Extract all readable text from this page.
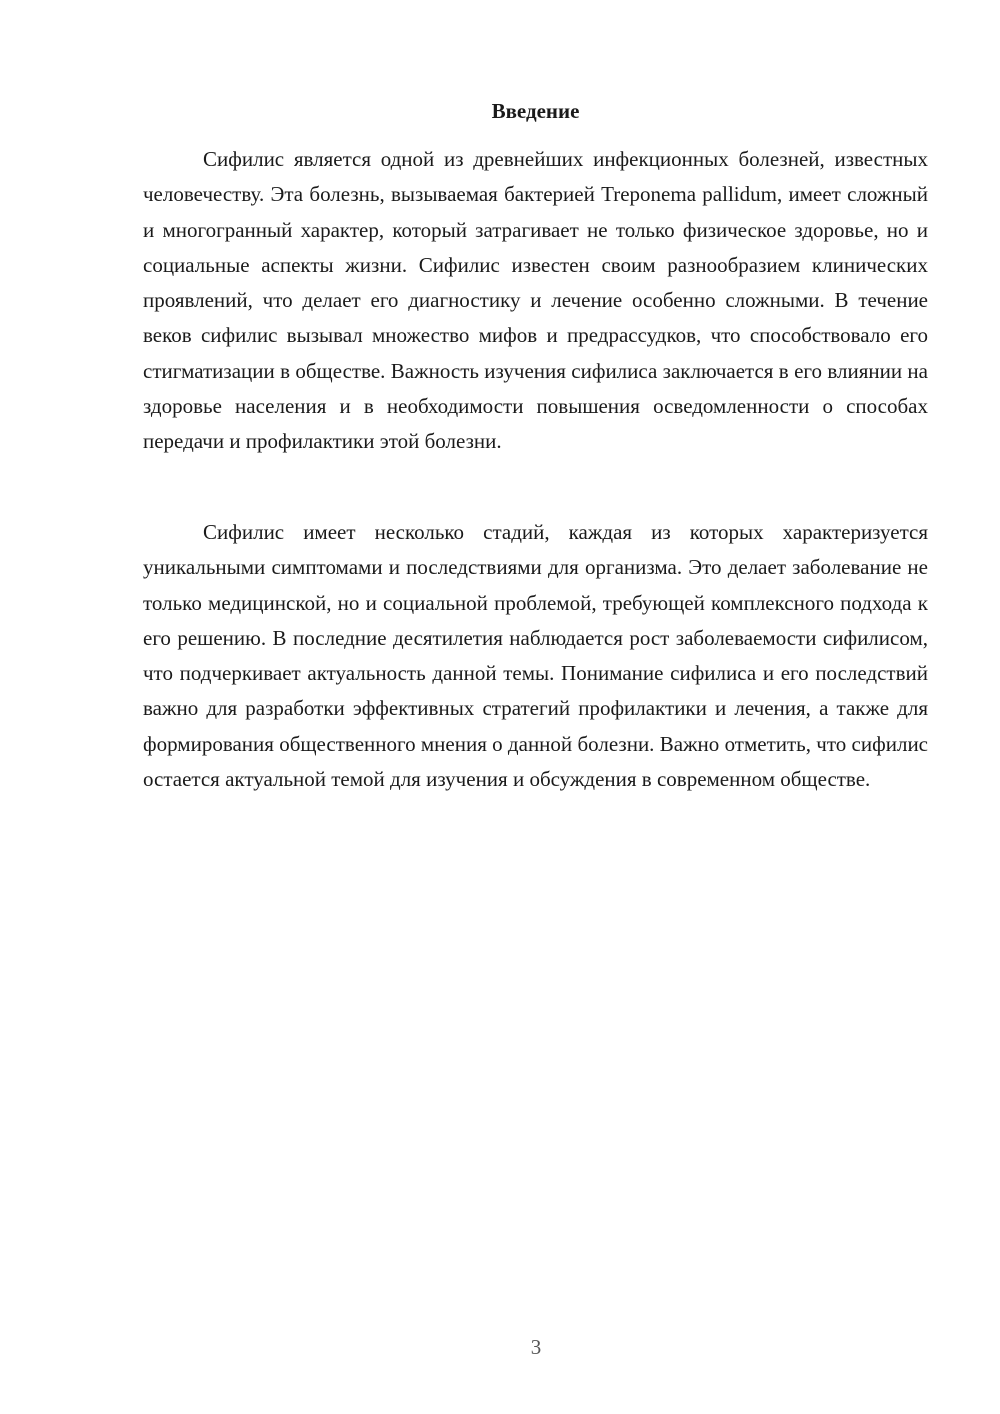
Введение

Сифилис является одной из древнейших инфекционных болезней, известных человечеству. Эта болезнь, вызываемая бактерией Treponema pallidum, имеет сложный и многогранный характер, который затрагивает не только физическое здоровье, но и социальные аспекты жизни. Сифилис известен своим разнообразием клинических проявлений, что делает его диагностику и лечение особенно сложными. В течение веков сифилис вызывал множество мифов и предрассудков, что способствовало его стигматизации в обществе. Важность изучения сифилиса заключается в его влиянии на здоровье населения и в необходимости повышения осведомленности о способах передачи и профилактики этой болезни.

Сифилис имеет несколько стадий, каждая из которых характеризуется уникальными симптомами и последствиями для организма. Это делает заболевание не только медицинской, но и социальной проблемой, требующей комплексного подхода к его решению. В последние десятилетия наблюдается рост заболеваемости сифилисом, что подчеркивает актуальность данной темы. Понимание сифилиса и его последствий важно для разработки эффективных стратегий профилактики и лечения, а также для формирования общественного мнения о данной болезни. Важно отметить, что сифилис остается актуальной темой для изучения и обсуждения в современном обществе.

3
